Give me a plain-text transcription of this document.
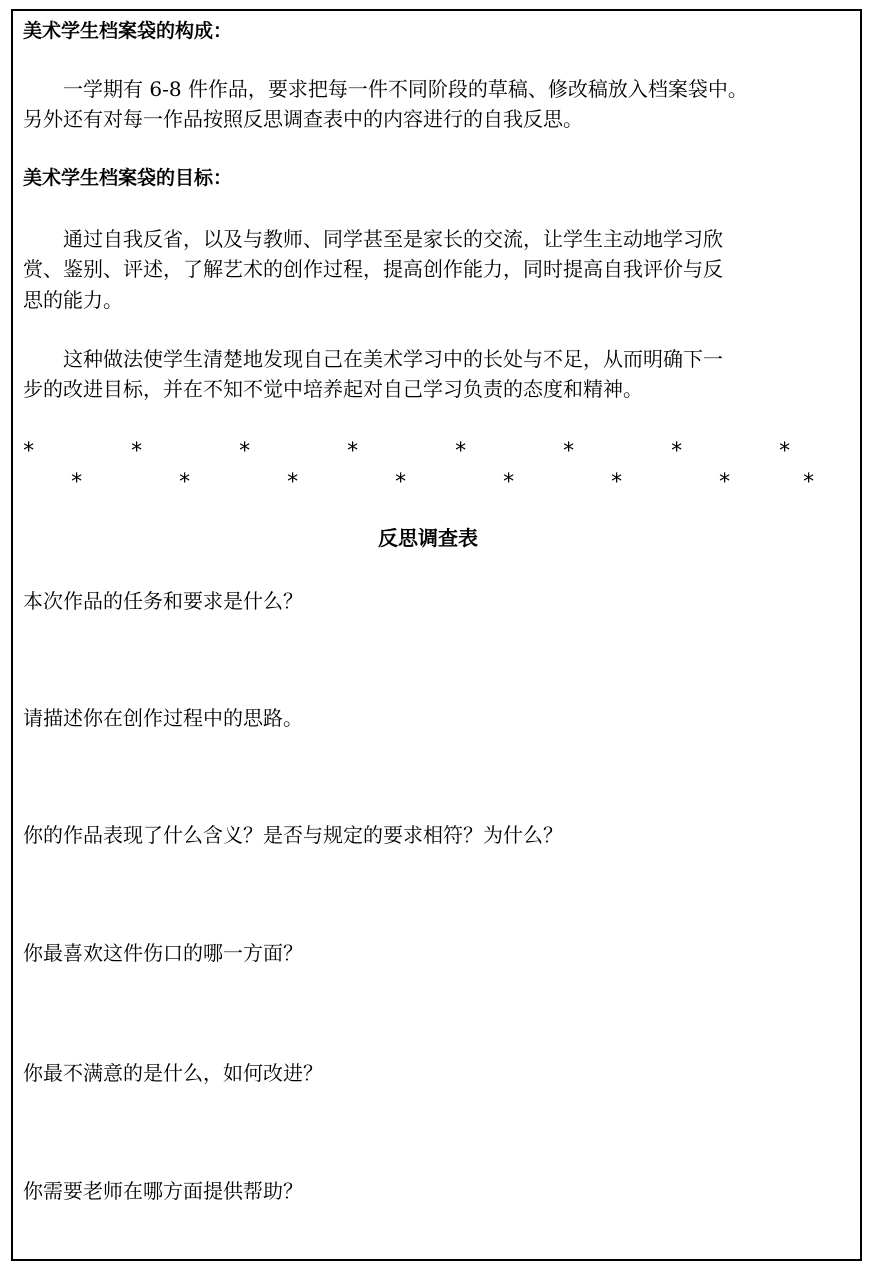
美术学生档案袋的构成：
　　一学期有 6-8 件作品，要求把每一件不同阶段的草稿、修改稿放入档案袋中。
另外还有对每一作品按照反思调查表中的内容进行的自我反思。
美术学生档案袋的目标：
　　通过自我反省，以及与教师、同学甚至是家长的交流，让学生主动地学习欣
赏、鉴别、评述，了解艺术的创作过程，提高创作能力，同时提高自我评价与反
思的能力。
　　这种做法使学生清楚地发现自己在美术学习中的长处与不足，从而明确下一
步的改进目标，并在不知不觉中培养起对自己学习负责的态度和精神。
*	*	*	*	*	*	*	*
*	*	*	*	*	*	*	*
反思调查表
本次作品的任务和要求是什么？
请描述你在创作过程中的思路。
你的作品表现了什么含义？是否与规定的要求相符？为什么？
你最喜欢这件伤口的哪一方面？
你最不满意的是什么，如何改进？
你需要老师在哪方面提供帮助？
